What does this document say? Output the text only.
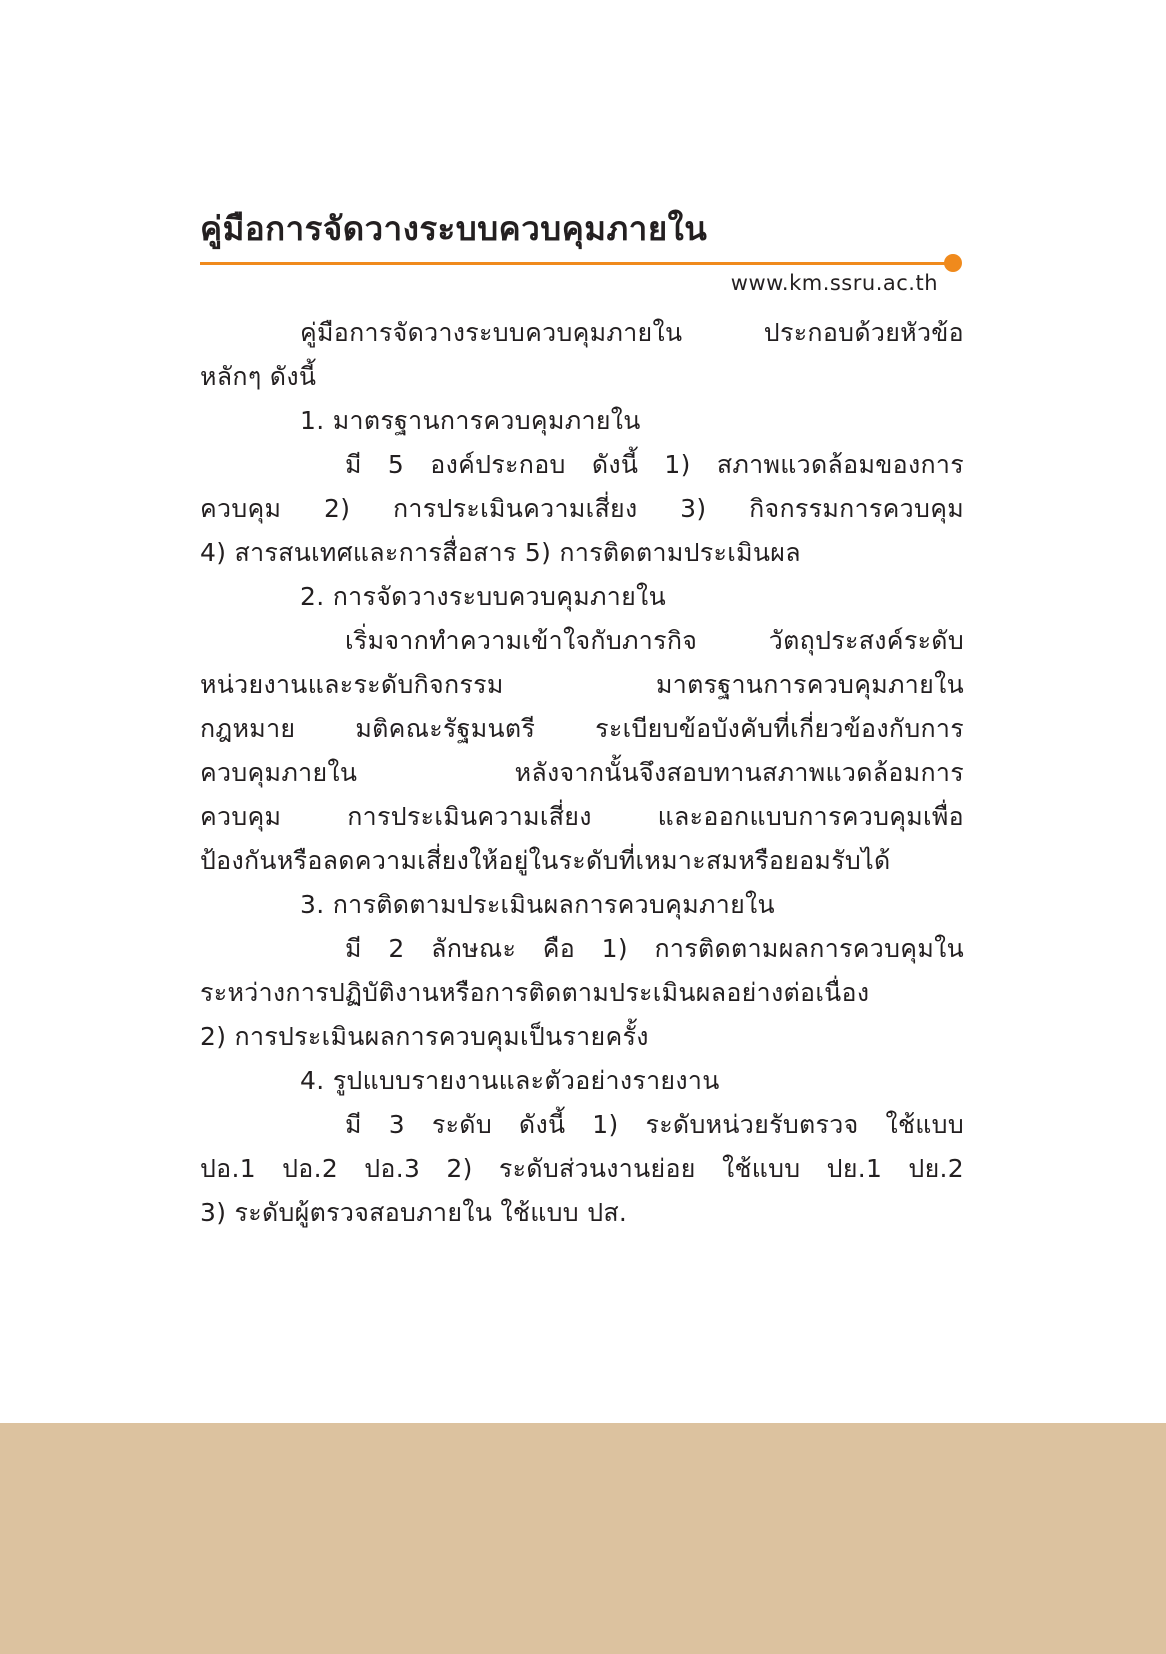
คู่มือการจัดวางระบบควบคุมภายใน
www.km.ssru.ac.th
คู่มือการจัดวางระบบควบคุมภายใน ประกอบด้วยหัวข้อ
หลักๆ ดังนี้
1. มาตรฐานการควบคุมภายใน
มี 5 องค์ประกอบ ดังนี้ 1) สภาพแวดล้อมของการ
ควบคุม 2) การประเมินความเสี่ยง 3) กิจกรรมการควบคุม
4) สารสนเทศและการสื่อสาร 5) การติดตามประเมินผล
2. การจัดวางระบบควบคุมภายใน
เริ่มจากทำความเข้าใจกับภารกิจ วัตถุประสงค์ระดับ
หน่วยงานและระดับกิจกรรม มาตรฐานการควบคุมภายใน
กฎหมาย มติคณะรัฐมนตรี ระเบียบข้อบังคับที่เกี่ยวข้องกับการ
ควบคุมภายใน หลังจากนั้นจึงสอบทานสภาพแวดล้อมการ
ควบคุม การประเมินความเสี่ยง และออกแบบการควบคุมเพื่อ
ป้องกันหรือลดความเสี่ยงให้อยู่ในระดับที่เหมาะสมหรือยอมรับได้
3. การติดตามประเมินผลการควบคุมภายใน
มี 2 ลักษณะ คือ 1) การติดตามผลการควบคุมใน
ระหว่างการปฏิบัติงานหรือการติดตามประเมินผลอย่างต่อเนื่อง
2) การประเมินผลการควบคุมเป็นรายครั้ง
4. รูปแบบรายงานและตัวอย่างรายงาน
มี 3 ระดับ ดังนี้ 1) ระดับหน่วยรับตรวจ ใช้แบบ
ปอ.1 ปอ.2 ปอ.3 2) ระดับส่วนงานย่อย ใช้แบบ ปย.1 ปย.2
3) ระดับผู้ตรวจสอบภายใน ใช้แบบ ปส.
